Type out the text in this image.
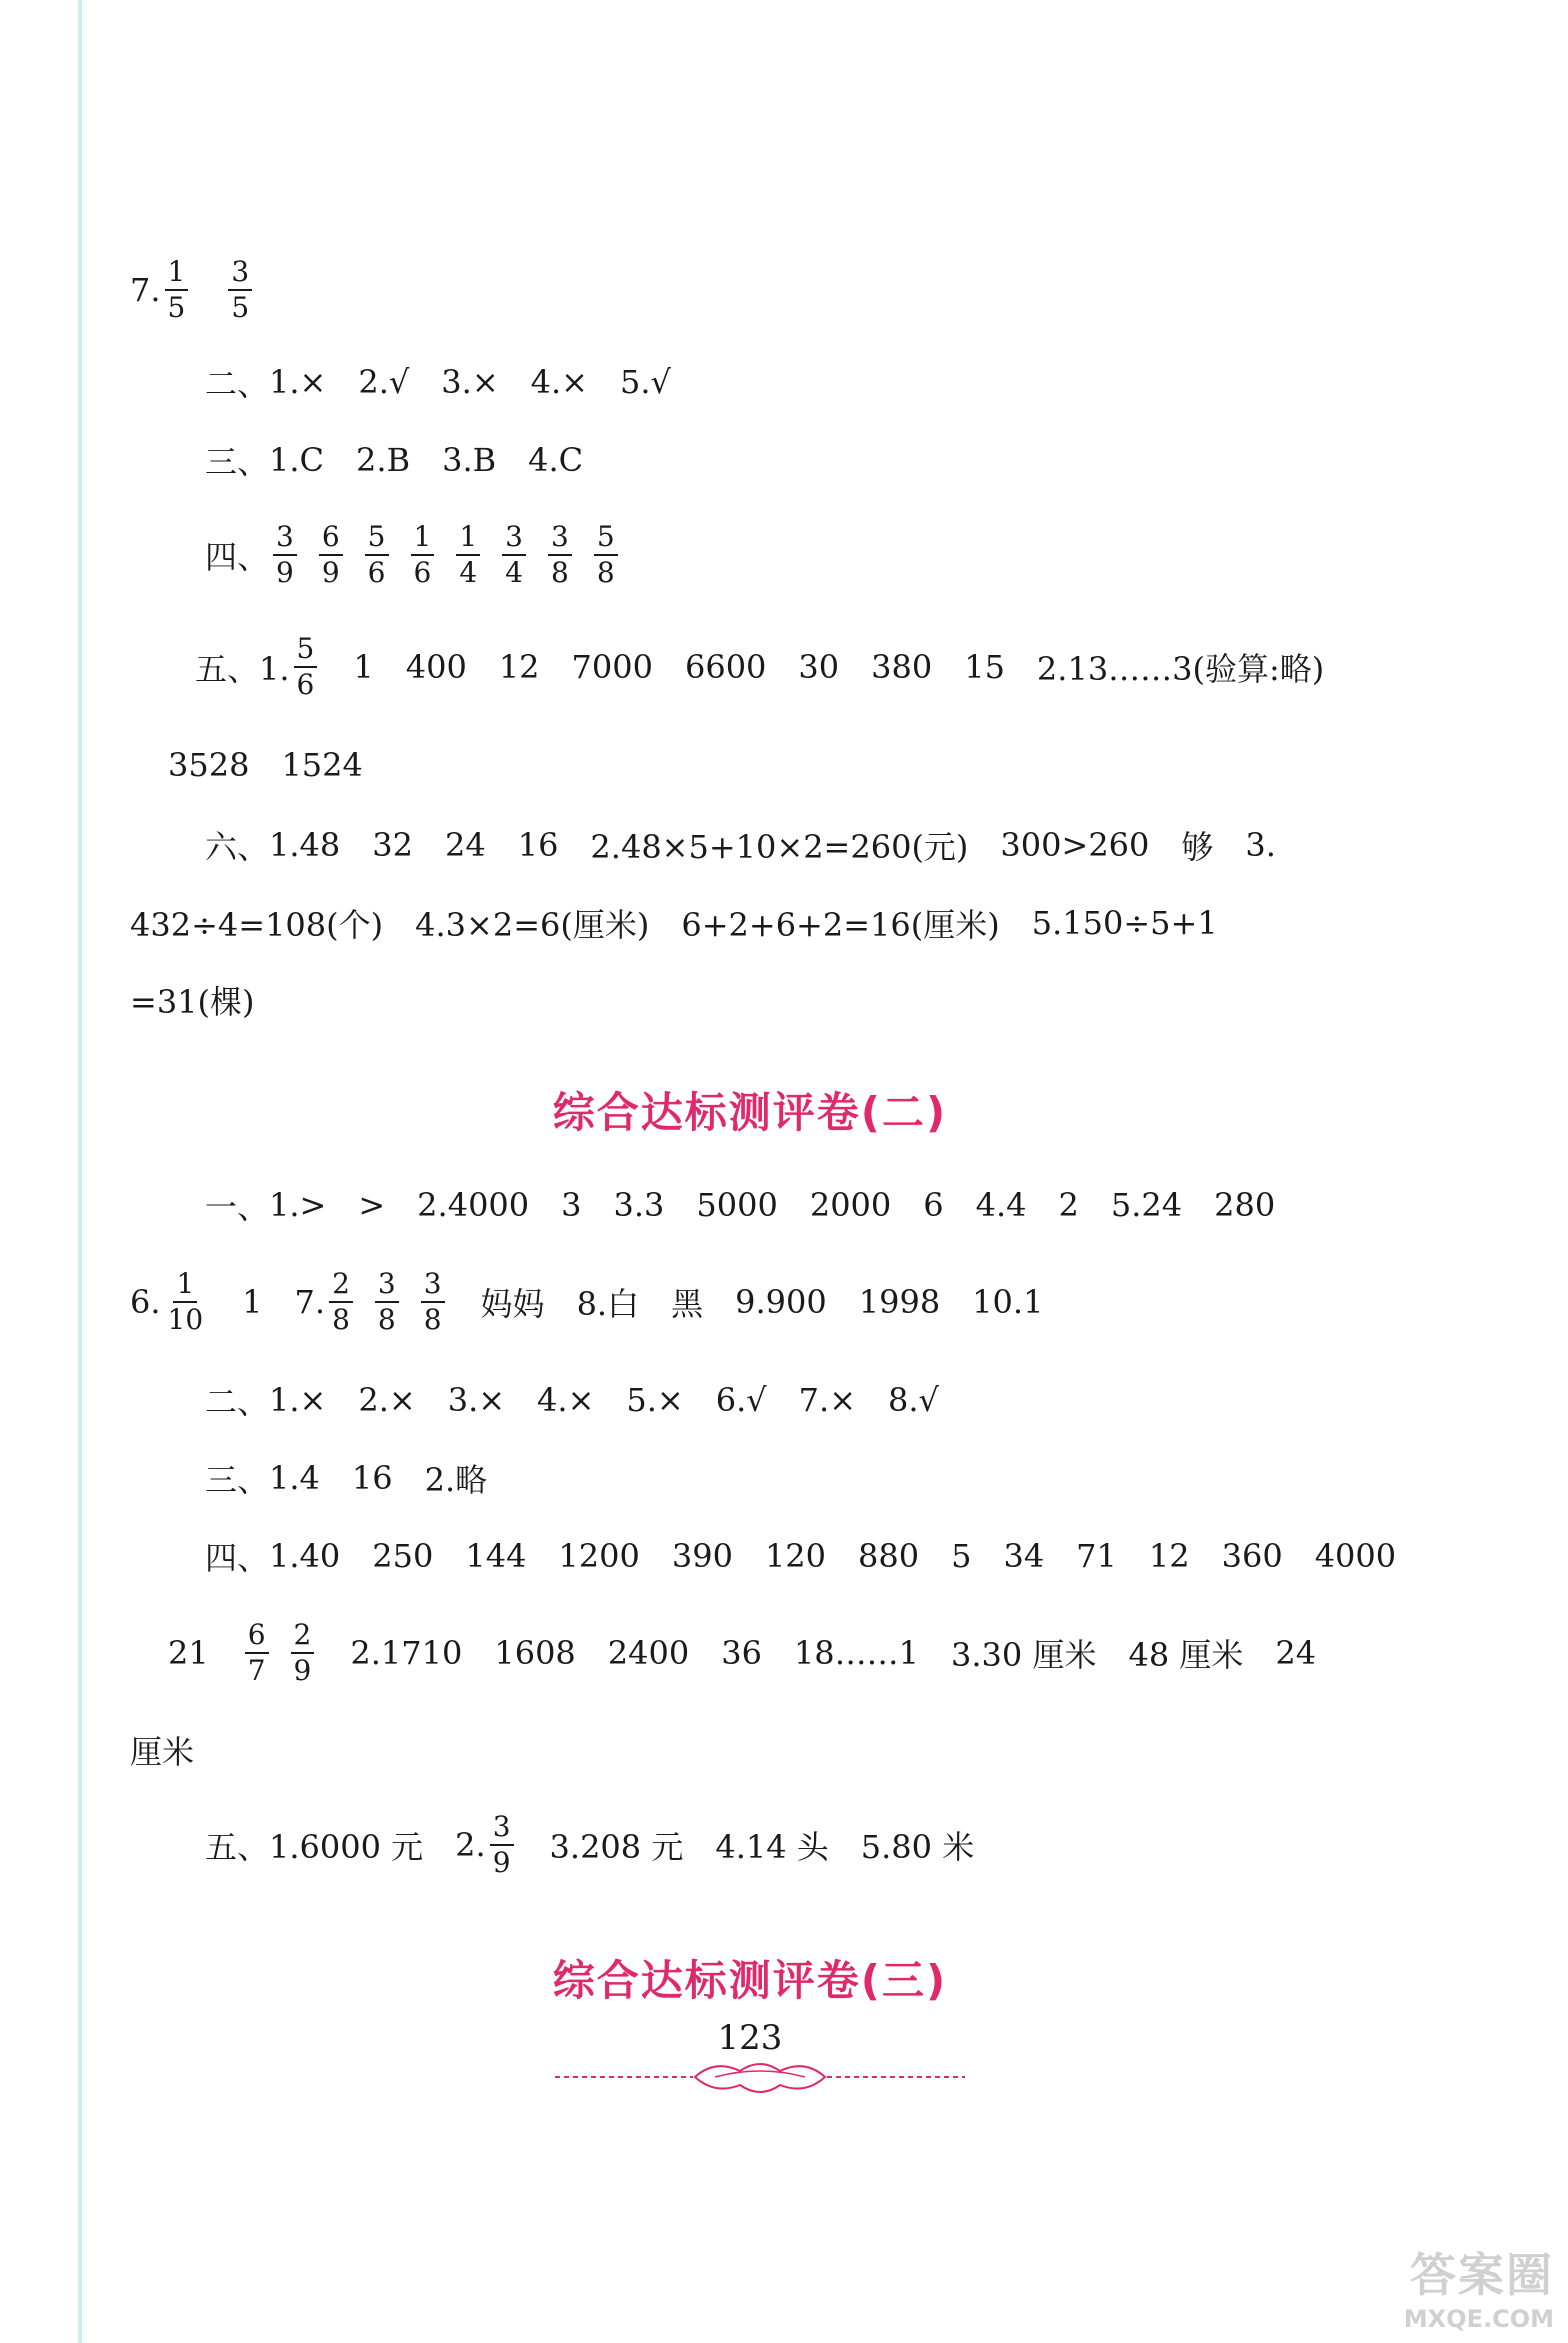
7. $\frac{1}{5} \frac{3}{5}$
二、 1.× 2.√ 3.× 4.× 5.√
三、 1.C 2.B 3.B 4.C
四、 $\frac{3}{9} \frac{6}{9} \frac{5}{6} \frac{1}{6} \frac{1}{4} \frac{3}{4} \frac{3}{8} \frac{5}{8}$
五、1. $\frac{5}{6} 1$ 400 12 7000 6600 30 380 15 2.13……3(验算:略)
3528 1524
六、 1.48 32 24 16 2.48×5+10×2=260(元) 300>260 够 3.
432÷4=108(个) 4.3×2=6(厘米) 6+2+6+2=16(厘米) 5.150÷5+1
=31(棵)
综合达标测评卷(二)
一、 1.> > 2.4000 3 3.3 5000 2000 6 4.4 2 5.24 280
6. $\frac{1}{10} 1$ 7. $\frac{2}{8} \frac{3}{8} \frac{3}{8}$ 妈妈 8.白 黑 9.900 1998 10.1
二、 1.× 2.× 3.× 4.× 5.× 6.√ 7.× 8.√
三、 1.4 16 2.略
四、 1.40 250 144 1200 390 120 880 5 34 71 12 360 4000
$21 \frac{6}{7} \frac{2}{9} 2.1710$ 1608 2400 36 18……1 3.30 厘米 48 厘米 24
厘米
五、 1.6000 元 2. $\frac{3}{9} 3.208$ 元 4.14 头 5.80 米
综合达标测评卷(三)
123
答案圈
MXQE.COM
